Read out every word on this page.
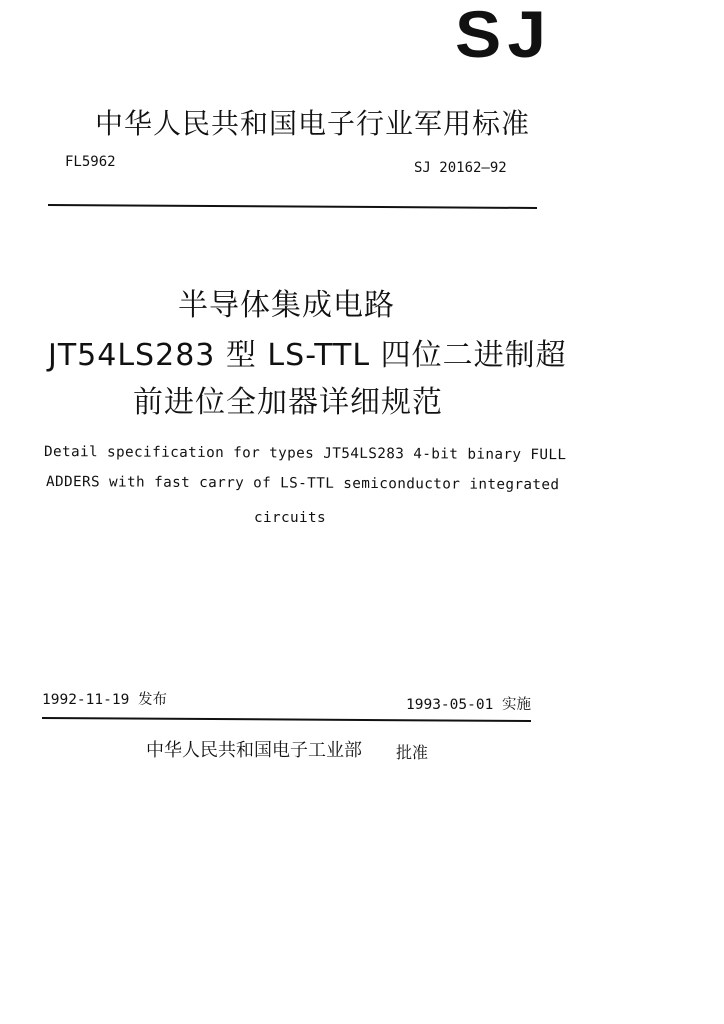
SJ
中华人民共和国电子行业军用标准
FL5962	SJ 20162—92
半导体集成电路
JT54LS283 型 LS-TTL 四位二进制超
前进位全加器详细规范
Detail specification for types JT54LS283 4-bit binary FULL
ADDERS with fast carry of LS-TTL semiconductor integrated
circuits
1992-11-19 发布	1993-05-01 实施
中华人民共和国电子工业部 批准
